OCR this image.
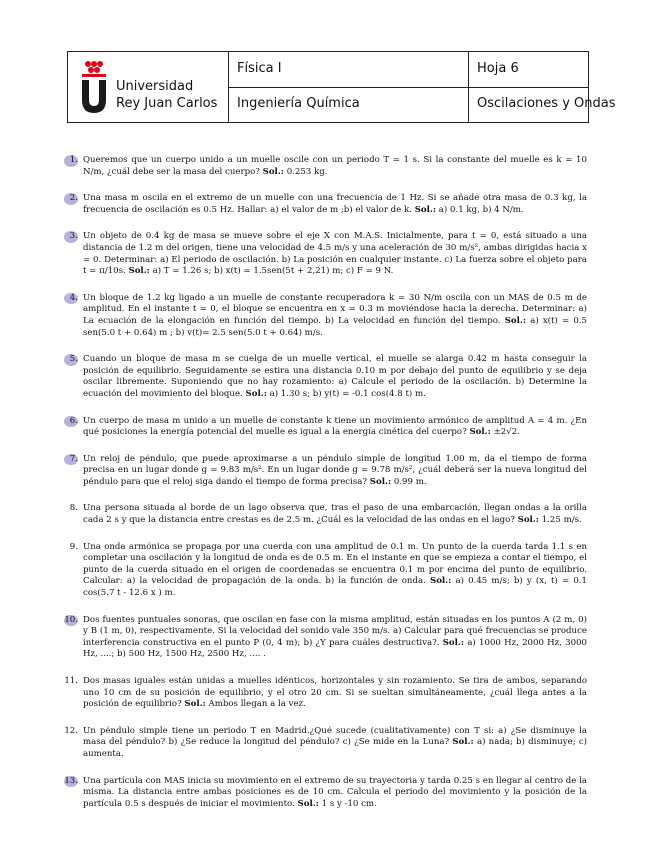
Universidad
Rey Juan Carlos
Física I
Ingeniería Química
Hoja 6
Oscilaciones y Ondas
1. Queremos que un cuerpo unido a un muelle oscile con un periodo T = 1 s. Si la constante del muelle es k = 10 N/m, ¿cuál debe ser la masa del cuerpo? Sol.: 0.253 kg.
2. Una masa m oscila en el extremo de un muelle con una frecuencia de 1 Hz. Si se añade otra masa de 0.3 kg, la frecuencia de oscilación es 0.5 Hz. Hallar: a) el valor de m ;b) el valor de k. Sol.: a) 0.1 kg, b) 4 N/m.
3. Un objeto de 0.4 kg de masa se mueve sobre el eje X con M.A.S. Inicialmente, para t = 0, está situado a una distancia de 1.2 m del origen, tiene una velocidad de 4.5 m/s y una aceleración de 30 m/s², ambas dirigidas hacia x = 0. Determinar: a) El periodo de oscilación. b) La posición en cualquier instante. c) La fuerza sobre el objeto para t = π/10s. Sol.: a) T = 1.26 s; b) x(t) = 1.5sen(5t + 2,21) m; c) F = 9 N.
4. Un bloque de 1.2 kg ligado a un muelle de constante recuperadora k = 30 N/m oscila con un MAS de 0.5 m de amplitud. En el instante t = 0, el bloque se encuentra en x = 0.3 m moviéndose hacia la derecha. Determinar: a) La ecuación de la elongación en función del tiempo. b) La velocidad en función del tiempo. Sol.: a) x(t) = 0.5 sen(5.0 t + 0.64) m ; b) v(t)= 2.5 sen(5.0 t + 0.64) m/s.
5. Cuando un bloque de masa m se cuelga de un muelle vertical, el muelle se alarga 0.42 m hasta conseguir la posición de equilibrio. Seguidamente se estira una distancia 0.10 m por debajo del punto de equilibrio y se deja oscilar libremente. Suponiendo que no hay rozamiento: a) Calcule el periodo de la oscilación. b) Determine la ecuación del movimiento del bloque. Sol.: a) 1.30 s; b) y(t) = -0.1 cos(4.8 t) m.
6. Un cuerpo de masa m unido a un muelle de constante k tiene un movimiento armónico de amplitud A = 4 m. ¿En qué posiciones la energía potencial del muelle es igual a la energía cinética del cuerpo? Sol.: ±2√2.
7. Un reloj de péndulo, que puede aproximarse a un péndulo simple de longitud 1.00 m, da el tiempo de forma precisa en un lugar donde g = 9.83 m/s². En un lugar donde g = 9.78 m/s², ¿cuál deberá ser la nueva longitud del péndulo para que el reloj siga dando el tiempo de forma precisa? Sol.: 0.99 m.
8. Una persona situada al borde de un lago observa que, tras el paso de una embarcación, llegan ondas a la orilla cada 2 s y que la distancia entre crestas es de 2.5 m. ¿Cuál es la velocidad de las ondas en el lago? Sol.: 1.25 m/s.
9. Una onda armónica se propaga por una cuerda con una amplitud de 0.1 m. Un punto de la cuerda tarda 1.1 s en completar una oscilación y la longitud de onda es de 0.5 m. En el instante en que se empieza a contar el tiempo, el punto de la cuerda situado en el origen de coordenadas se encuentra 0.1 m por encima del punto de equilibrio. Calcular: a) la velocidad de propagación de la onda. b) la función de onda. Sol.: a) 0.45 m/s; b) y (x, t) = 0.1 cos(5.7 t - 12.6 x ) m.
10. Dos fuentes puntuales sonoras, que oscilan en fase con la misma amplitud, están situadas en los puntos A (2 m, 0) y B (1 m, 0), respectivamente. Si la velocidad del sonido vale 350 m/s. a) Calcular para qué frecuencias se produce interferencia constructiva en el punto P (0, 4 m); b) ¿Y para cuáles destructiva?. Sol.: a) 1000 Hz, 2000 Hz, 3000 Hz, ....; b) 500 Hz, 1500 Hz, 2500 Hz, .... .
11. Dos masas iguales están unidas a muelles idénticos, horizontales y sin rozamiento. Se tira de ambos, separando uno 10 cm de su posición de equilibrio, y el otro 20 cm. Si se sueltan simultáneamente, ¿cuál llega antes a la posición de equilibrio? Sol.: Ambos llegan a la vez.
12. Un péndulo simple tiene un periodo T en Madrid.¿Qué sucede (cualitativamente) con T si: a) ¿Se disminuye la masa del péndulo? b) ¿Se reduce la longitud del péndulo? c) ¿Se mide en la Luna? Sol.: a) nada; b) disminuye; c) aumenta.
13. Una partícula con MAS inicia su movimiento en el extremo de su trayectoria y tarda 0.25 s en llegar al centro de la misma. La distancia entre ambas posiciones es de 10 cm. Calcula el periodo del movimiento y la posición de la partícula 0.5 s después de iniciar el movimiento. Sol.: 1 s y -10 cm.
